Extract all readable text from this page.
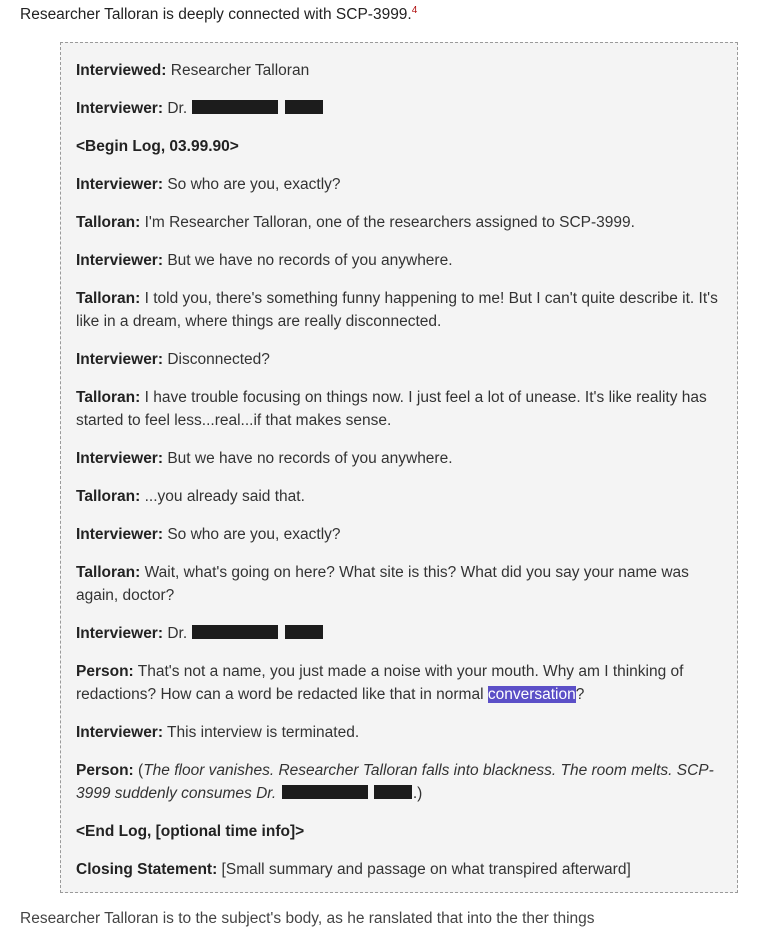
Researcher Talloran is deeply connected with SCP-3999.$^4$
Interviewed: Researcher Talloran
Interviewer: Dr.
<Begin Log, 03.99.90>
Interviewer: So who are you, exactly?
Talloran: I'm Researcher Talloran, one of the researchers assigned to SCP-3999.
Interviewer: But we have no records of you anywhere.
Talloran: I told you, there's something funny happening to me! But I can't quite describe it. It's like in a dream, where things are really disconnected.
Interviewer: Disconnected?
Talloran: I have trouble focusing on things now. I just feel a lot of unease. It's like reality has started to feel less...real...if that makes sense.
Interviewer: But we have no records of you anywhere.
Talloran: ...you already said that.
Interviewer: So who are you, exactly?
Talloran: Wait, what's going on here? What site is this? What did you say your name was again, doctor?
Interviewer: Dr.
Person: That's not a name, you just made a noise with your mouth. Why am I thinking of redactions? How can a word be redacted like that in normal conversation?
Interviewer: This interview is terminated.
Person: (The floor vanishes. Researcher Talloran falls into blackness. The room melts. SCP-3999 suddenly consumes Dr.	.)
<End Log, [optional time info]>
Closing Statement: [Small summary and passage on what transpired afterward]
Researcher Talloran is to the subject's body, as he ranslated that into the ther things
